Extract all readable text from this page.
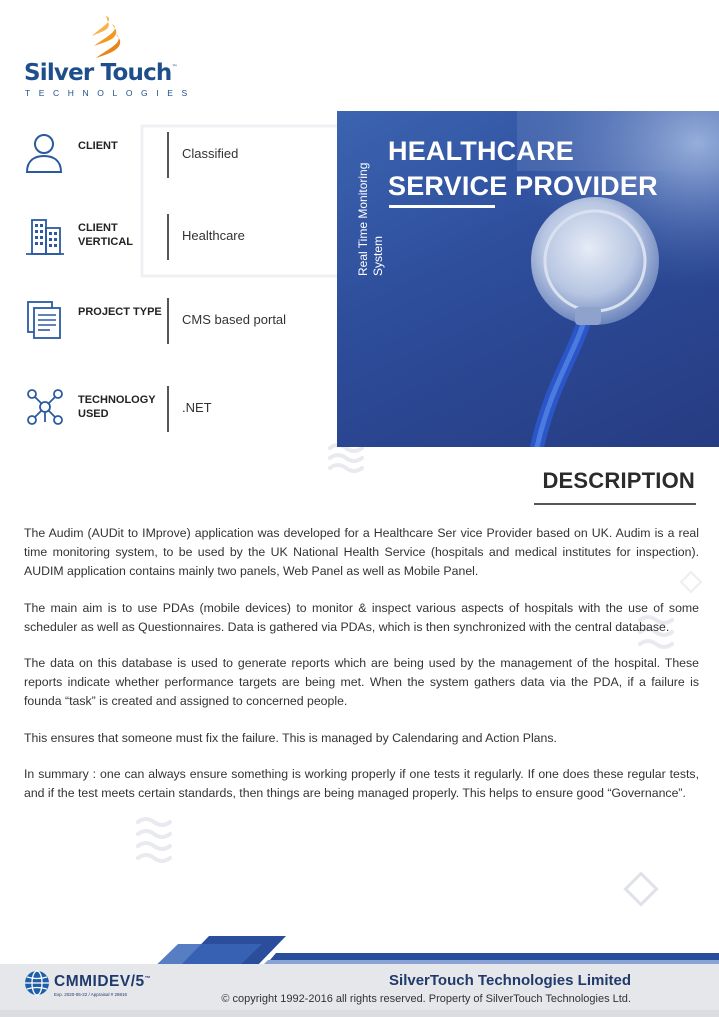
Silver Touch™
TECHNOLOGIES
CLIENT	Classified
CLIENT VERTICAL	Healthcare
PROJECT TYPE	CMS based portal
TECHNOLOGY USED	.NET
Real Time Monitoring System
HEALTHCARE
SERVICE PROVIDER
DESCRIPTION

The Audim (AUDit to IMprove) application was developed for a Healthcare Ser vice Provider based on UK. Audim is a real time monitoring system, to be used by the UK National Health Service (hospitals and medical institutes for inspection). AUDIM application contains mainly two panels, Web Panel as well as Mobile Panel.

The main aim is to use PDAs (mobile devices) to monitor & inspect various aspects of hospitals with the use of some scheduler as well as Questionnaires. Data is gathered via PDAs, which is then synchronized with the central database.

The data on this database is used to generate reports which are being used by the management of the hospital. These reports indicate whether performance targets are being met. When the system gathers data via the PDA, if a failure is founda “task” is created and assigned to concerned people.

This ensures that someone must fix the failure. This is managed by Calendaring and Action Plans.

In summary : one can always ensure something is working properly if one tests it regularly. If one does these regular tests, and if the test meets certain standards, then things are being managed properly. This helps to ensure good “Governance”.

CMMIDEV/5™
Exp. 2020-05-22 / Appraisal # 28816
SilverTouch Technologies Limited
© copyright 1992-2016 all rights reserved. Property of SilverTouch Technologies Ltd.
